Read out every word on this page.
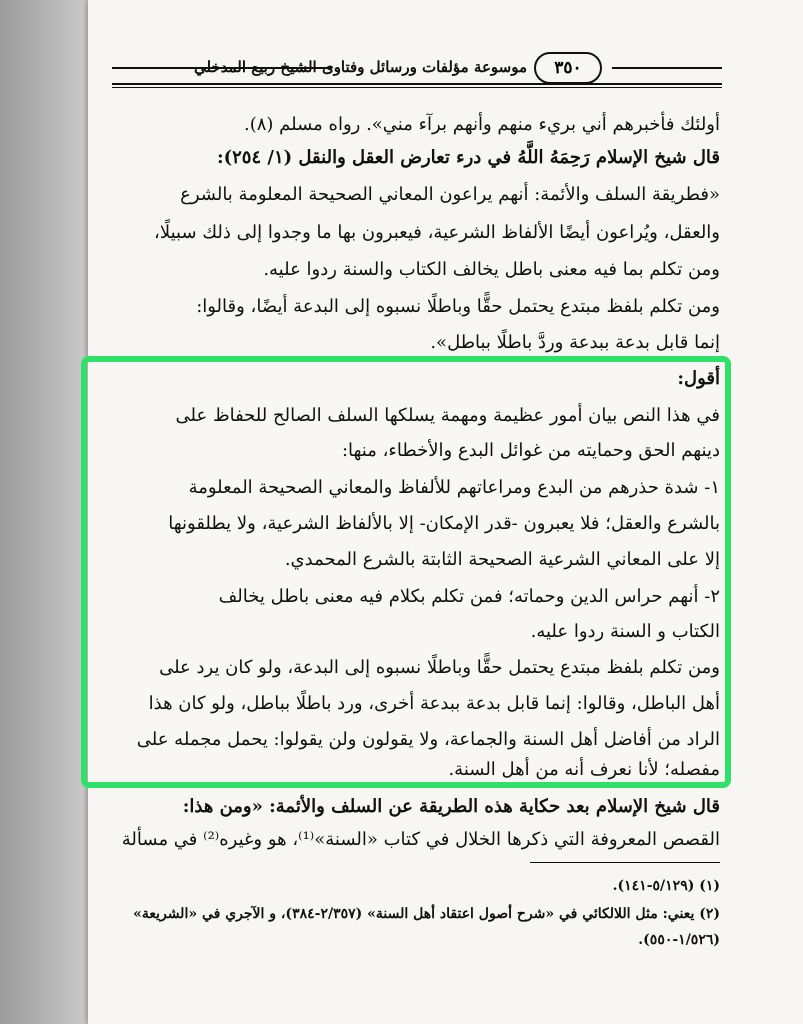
٣٥٠
موسوعة مؤلفات ورسائل وفتاوى الشيخ ربيع المدخلي
أولئك فأخبرهم أني بريء منهم وأنهم برآء مني». رواه مسلم (٨).
قال شيخ الإسلام رَحِمَهُ اللَّهُ في درء تعارض العقل والنقل (١/ ٢٥٤):
«فطريقة السلف والأئمة: أنهم يراعون المعاني الصحيحة المعلومة بالشرع
والعقل، ويُراعون أيضًا الألفاظ الشرعية، فيعبرون بها ما وجدوا إلى ذلك سبيلًا،
ومن تكلم بما فيه معنى باطل يخالف الكتاب والسنة ردوا عليه.
ومن تكلم بلفظ مبتدع يحتمل حقًّا وباطلًا نسبوه إلى البدعة أيضًا، وقالوا:
إنما قابل بدعة ببدعة وردَّ باطلًا بباطل».
أقول:
في هذا النص بيان أمور عظيمة ومهمة يسلكها السلف الصالح للحفاظ على
دينهم الحق وحمايته من غوائل البدع والأخطاء، منها:
١- شدة حذرهم من البدع ومراعاتهم للألفاظ والمعاني الصحيحة المعلومة
بالشرع والعقل؛ فلا يعبرون -قدر الإمكان- إلا بالألفاظ الشرعية، ولا يطلقونها
إلا على المعاني الشرعية الصحيحة الثابتة بالشرع المحمدي.
٢- أنهم حراس الدين وحماته؛ فمن تكلم بكلام فيه معنى باطل يخالف
الكتاب و السنة ردوا عليه.
ومن تكلم بلفظ مبتدع يحتمل حقًّا وباطلًا نسبوه إلى البدعة، ولو كان يرد على
أهل الباطل، وقالوا: إنما قابل بدعة ببدعة أخرى، ورد باطلًا بباطل، ولو كان هذا
الراد من أفاضل أهل السنة والجماعة، ولا يقولون ولن يقولوا: يحمل مجمله على
مفصله؛ لأنا نعرف أنه من أهل السنة.
قال شيخ الإسلام بعد حكاية هذه الطريقة عن السلف والأئمة: «ومن هذا:
القصص المعروفة التي ذكرها الخلال في كتاب «السنة»⁽¹⁾، هو وغيره⁽²⁾ في مسألة
(١) (٥/١٢٩-١٤١).
(٢) يعني: مثل اللالكائي في «شرح أصول اعتقاد أهل السنة» (٢/٣٥٧-٣٨٤)، و الآجري في «الشريعة»
(١/٥٢٦-٥٥٠).
